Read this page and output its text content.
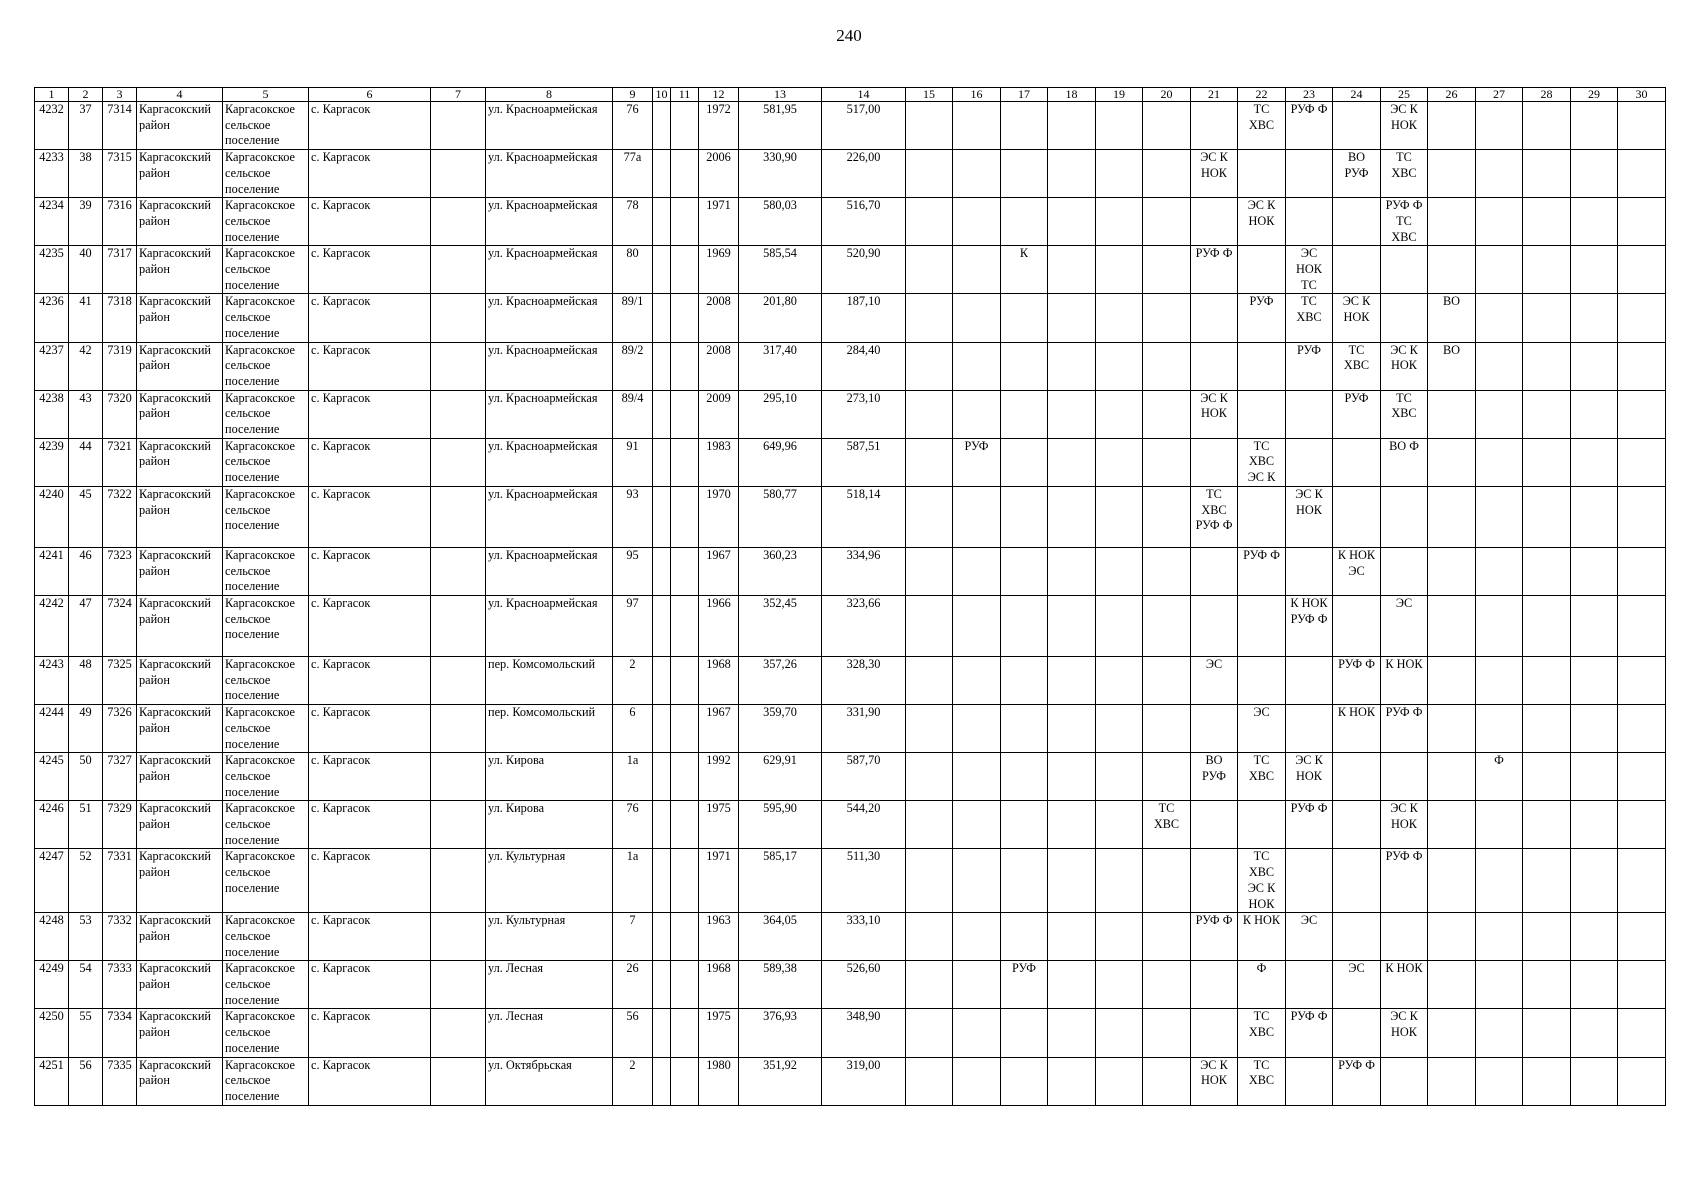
240
1	2	3	4	5	6	7	8	9	10	11	12	13	14	15	16	17	18	19	20	21	22	23	24	25	26	27	28	29	30
4232	37	7314	Каргасокский район	Каргасокское сельское поселение	с. Каргасок		ул. Красноармейская	76			1972	581,95	517,00								ТС ХВС	РУФ Ф		ЭС К НОК					
4233	38	7315	Каргасокский район	Каргасокское сельское поселение	с. Каргасок		ул. Красноармейская	77а			2006	330,90	226,00							ЭС К НОК			ВО РУФ	ТС ХВС					
4234	39	7316	Каргасокский район	Каргасокское сельское поселение	с. Каргасок		ул. Красноармейская	78			1971	580,03	516,70								ЭС К НОК			РУФ Ф ТС ХВС					
4235	40	7317	Каргасокский район	Каргасокское сельское поселение	с. Каргасок		ул. Красноармейская	80			1969	585,54	520,90			К				РУФ Ф		ЭС НОК ТС							
4236	41	7318	Каргасокский район	Каргасокское сельское поселение	с. Каргасок		ул. Красноармейская	89/1			2008	201,80	187,10								РУФ	ТС ХВС	ЭС К НОК		ВО				
4237	42	7319	Каргасокский район	Каргасокское сельское поселение	с. Каргасок		ул. Красноармейская	89/2			2008	317,40	284,40									РУФ	ТС ХВС	ЭС К НОК	ВО				
4238	43	7320	Каргасокский район	Каргасокское сельское поселение	с. Каргасок		ул. Красноармейская	89/4			2009	295,10	273,10							ЭС К НОК			РУФ	ТС ХВС					
4239	44	7321	Каргасокский район	Каргасокское сельское поселение	с. Каргасок		ул. Красноармейская	91			1983	649,96	587,51		РУФ						ТС ХВС ЭС К			ВО Ф					
4240	45	7322	Каргасокский район	Каргасокское сельское поселение	с. Каргасок		ул. Красноармейская	93			1970	580,77	518,14							ТС ХВС РУФ Ф		ЭС К НОК							
4241	46	7323	Каргасокский район	Каргасокское сельское поселение	с. Каргасок		ул. Красноармейская	95			1967	360,23	334,96								РУФ Ф		К НОК ЭС						
4242	47	7324	Каргасокский район	Каргасокское сельское поселение	с. Каргасок		ул. Красноармейская	97			1966	352,45	323,66									К НОК РУФ Ф		ЭС					
4243	48	7325	Каргасокский район	Каргасокское сельское поселение	с. Каргасок		пер. Комсомольский	2			1968	357,26	328,30							ЭС			РУФ Ф	К НОК					
4244	49	7326	Каргасокский район	Каргасокское сельское поселение	с. Каргасок		пер. Комсомольский	6			1967	359,70	331,90								ЭС		К НОК	РУФ Ф					
4245	50	7327	Каргасокский район	Каргасокское сельское поселение	с. Каргасок		ул. Кирова	1а			1992	629,91	587,70							ВО РУФ	ТС ХВС	ЭС К НОК				Ф			
4246	51	7329	Каргасокский район	Каргасокское сельское поселение	с. Каргасок		ул. Кирова	76			1975	595,90	544,20						ТС ХВС			РУФ Ф		ЭС К НОК					
4247	52	7331	Каргасокский район	Каргасокское сельское поселение	с. Каргасок		ул. Культурная	1а			1971	585,17	511,30								ТС ХВС ЭС К НОК			РУФ Ф					
4248	53	7332	Каргасокский район	Каргасокское сельское поселение	с. Каргасок		ул. Культурная	7			1963	364,05	333,10							РУФ Ф	К НОК	ЭС							
4249	54	7333	Каргасокский район	Каргасокское сельское поселение	с. Каргасок		ул. Лесная	26			1968	589,38	526,60			РУФ					Ф		ЭС	К НОК					
4250	55	7334	Каргасокский район	Каргасокское сельское поселение	с. Каргасок		ул. Лесная	56			1975	376,93	348,90								ТС ХВС	РУФ Ф		ЭС К НОК					
4251	56	7335	Каргасокский район	Каргасокское сельское поселение	с. Каргасок		ул. Октябрьская	2			1980	351,92	319,00							ЭС К НОК	ТС ХВС		РУФ Ф						
